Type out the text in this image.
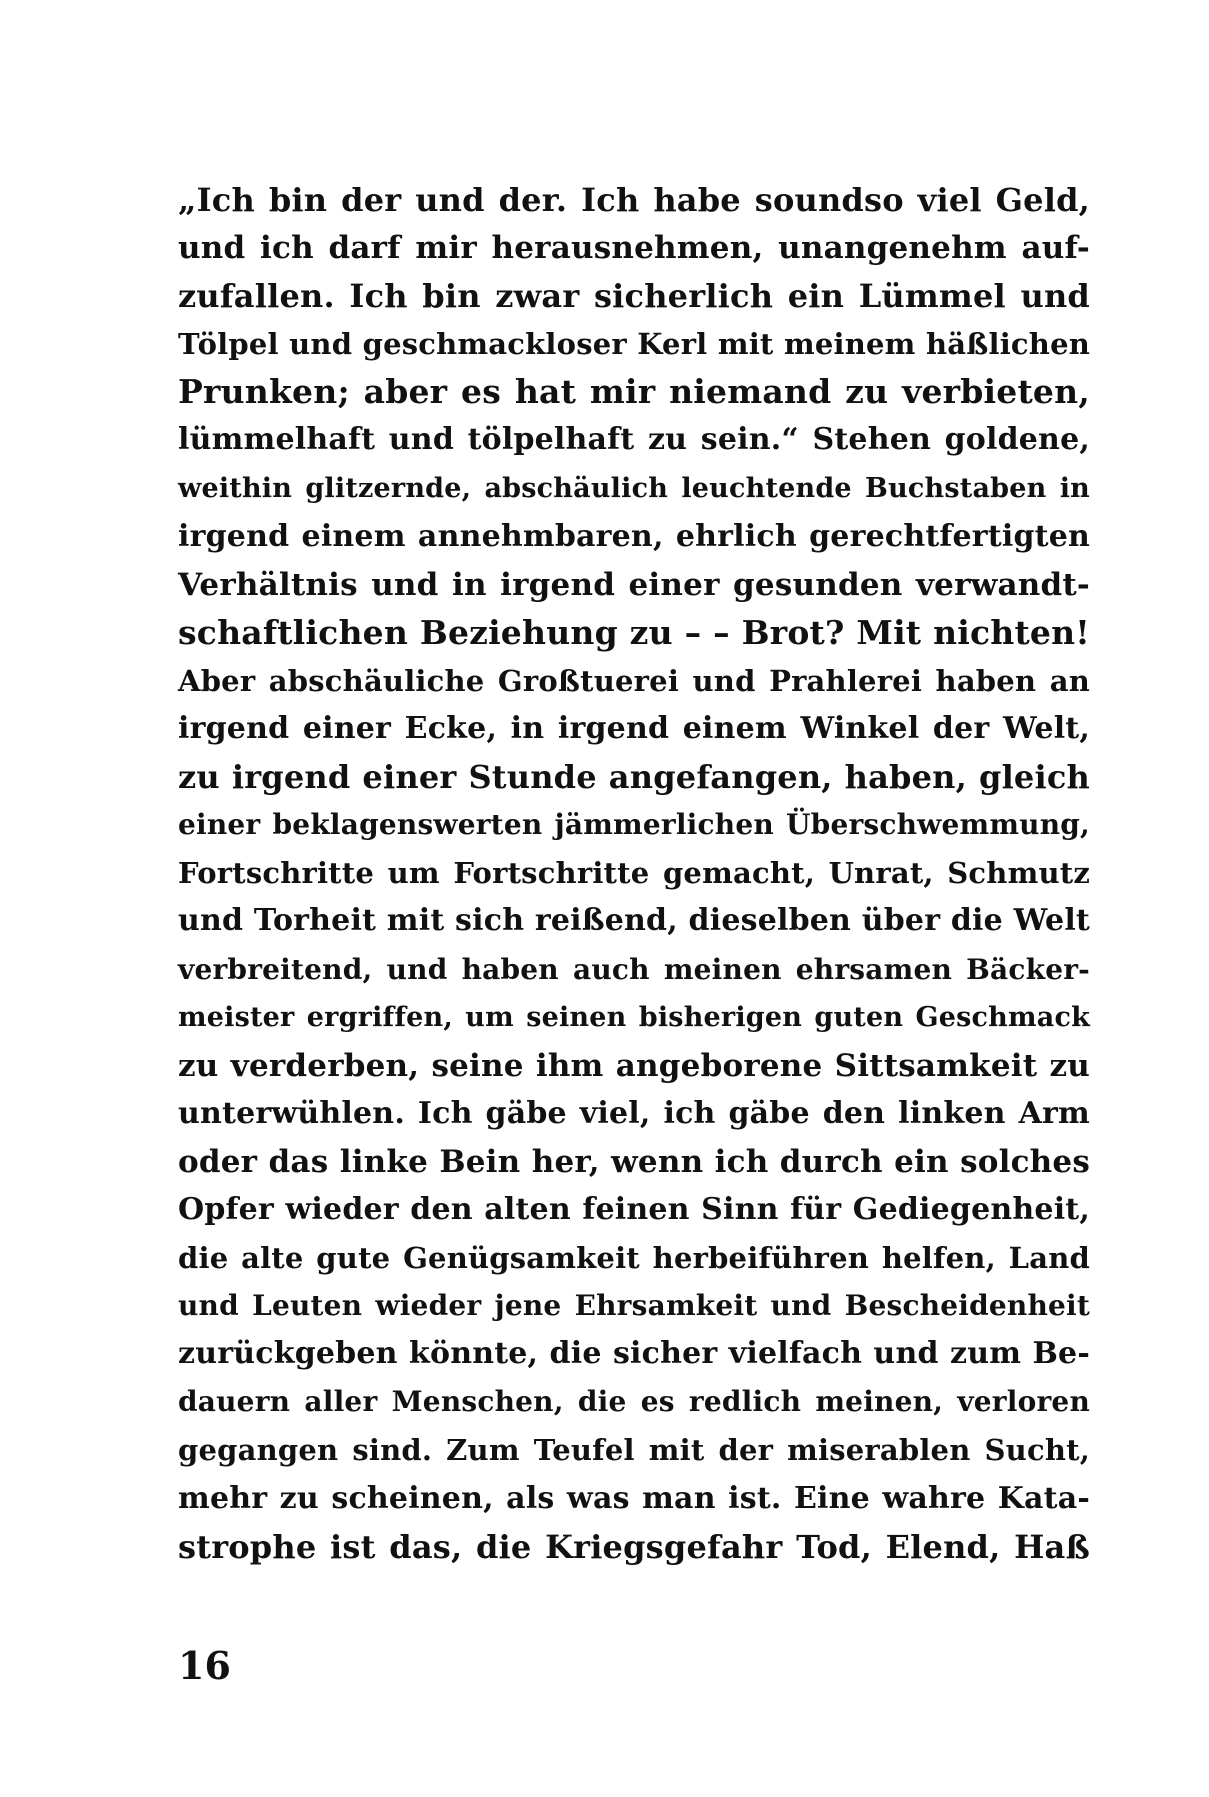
„Ich bin der und der. Ich habe soundso viel Geld,
und ich darf mir herausnehmen, unangenehm auf-
zufallen. Ich bin zwar sicherlich ein Lümmel und
Tölpel und geschmackloser Kerl mit meinem häßlichen
Prunken; aber es hat mir niemand zu verbieten,
lümmelhaft und tölpelhaft zu sein.“ Stehen goldene,
weithin glitzernde, abschäulich leuchtende Buchstaben in
irgend einem annehmbaren, ehrlich gerechtfertigten
Verhältnis und in irgend einer gesunden verwandt-
schaftlichen Beziehung zu – – Brot? Mit nichten!
Aber abschäuliche Großtuerei und Prahlerei haben an
irgend einer Ecke, in irgend einem Winkel der Welt,
zu irgend einer Stunde angefangen, haben, gleich
einer beklagenswerten jämmerlichen Überschwemmung,
Fortschritte um Fortschritte gemacht, Unrat, Schmutz
und Torheit mit sich reißend, dieselben über die Welt
verbreitend, und haben auch meinen ehrsamen Bäcker-
meister ergriffen, um seinen bisherigen guten Geschmack
zu verderben, seine ihm angeborene Sittsamkeit zu
unterwühlen. Ich gäbe viel, ich gäbe den linken Arm
oder das linke Bein her, wenn ich durch ein solches
Opfer wieder den alten feinen Sinn für Gediegenheit,
die alte gute Genügsamkeit herbeiführen helfen, Land
und Leuten wieder jene Ehrsamkeit und Bescheidenheit
zurückgeben könnte, die sicher vielfach und zum Be-
dauern aller Menschen, die es redlich meinen, verloren
gegangen sind. Zum Teufel mit der miserablen Sucht,
mehr zu scheinen, als was man ist. Eine wahre Kata-
strophe ist das, die Kriegsgefahr Tod, Elend, Haß
16
